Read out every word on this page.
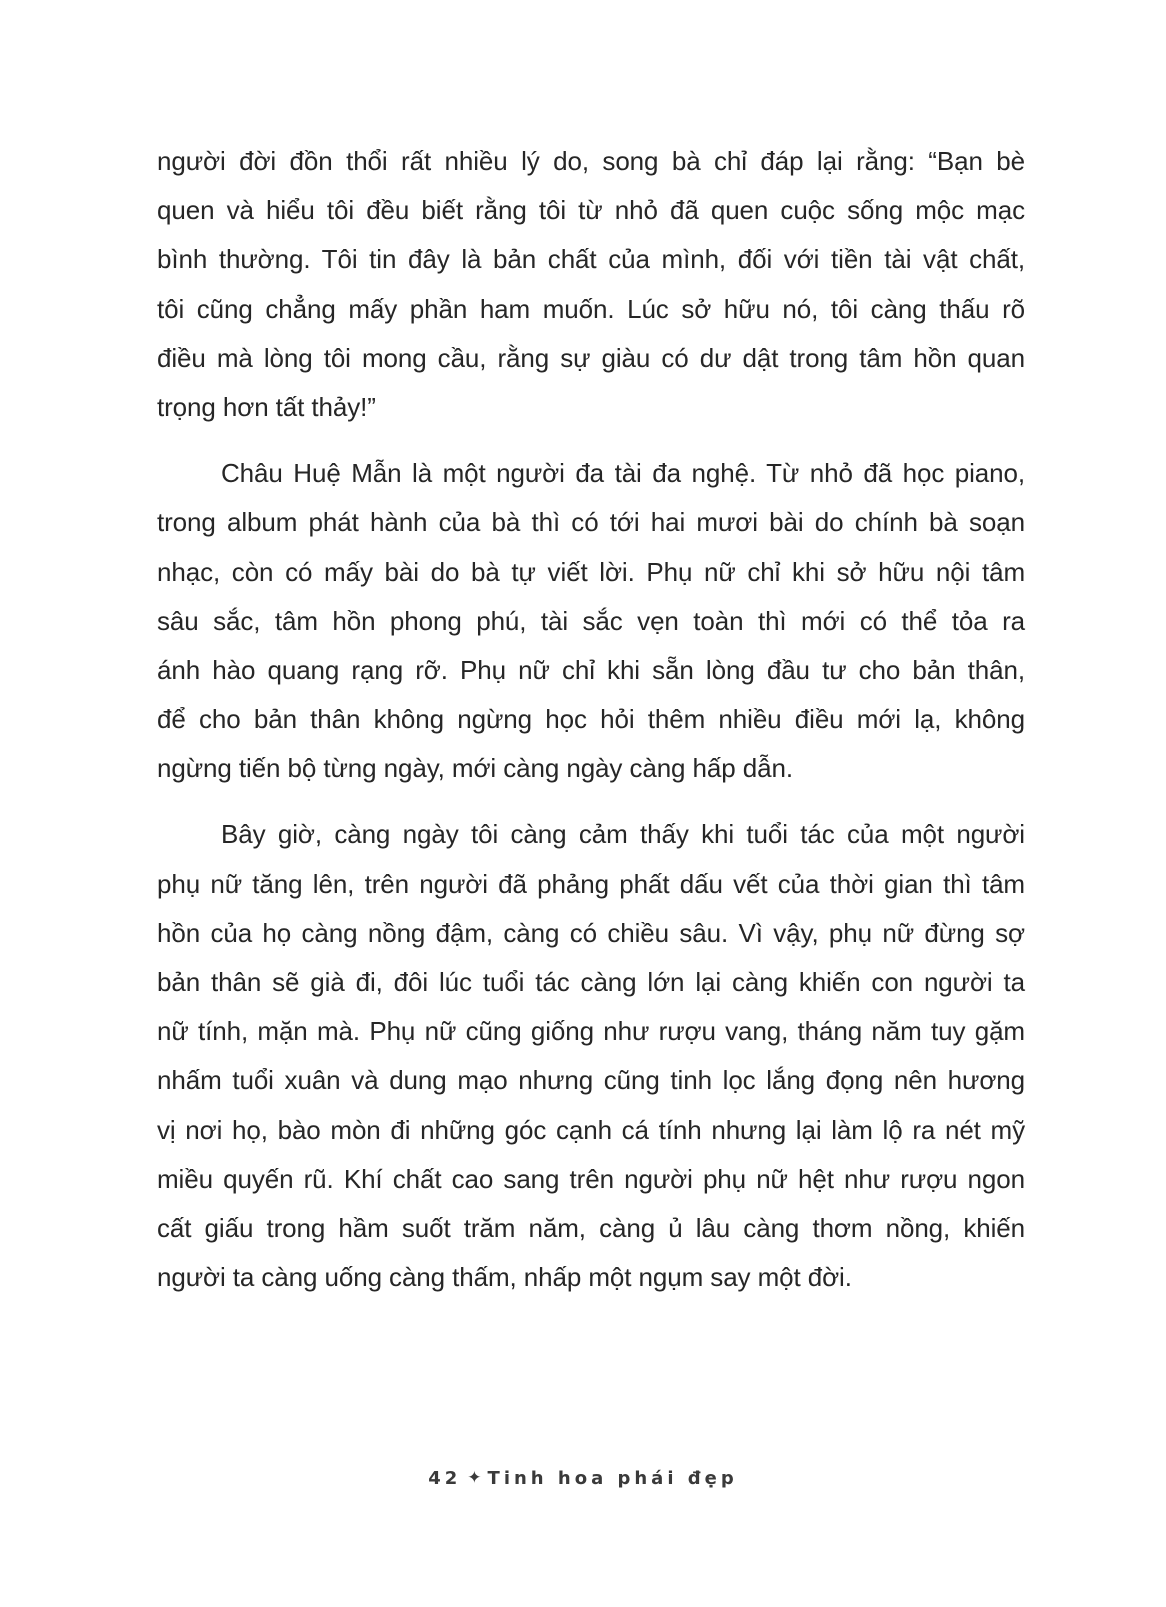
người đời đồn thổi rất nhiều lý do, song bà chỉ đáp lại rằng: “Bạn bè
quen và hiểu tôi đều biết rằng tôi từ nhỏ đã quen cuộc sống mộc mạc
bình thường. Tôi tin đây là bản chất của mình, đối với tiền tài vật chất,
tôi cũng chẳng mấy phần ham muốn. Lúc sở hữu nó, tôi càng thấu rõ
điều mà lòng tôi mong cầu, rằng sự giàu có dư dật trong tâm hồn quan
trọng hơn tất thảy!”
Châu Huệ Mẫn là một người đa tài đa nghệ. Từ nhỏ đã học piano,
trong album phát hành của bà thì có tới hai mươi bài do chính bà soạn
nhạc, còn có mấy bài do bà tự viết lời. Phụ nữ chỉ khi sở hữu nội tâm
sâu sắc, tâm hồn phong phú, tài sắc vẹn toàn thì mới có thể tỏa ra
ánh hào quang rạng rỡ. Phụ nữ chỉ khi sẵn lòng đầu tư cho bản thân,
để cho bản thân không ngừng học hỏi thêm nhiều điều mới lạ, không
ngừng tiến bộ từng ngày, mới càng ngày càng hấp dẫn.
Bây giờ, càng ngày tôi càng cảm thấy khi tuổi tác của một người
phụ nữ tăng lên, trên người đã phảng phất dấu vết của thời gian thì tâm
hồn của họ càng nồng đậm, càng có chiều sâu. Vì vậy, phụ nữ đừng sợ
bản thân sẽ già đi, đôi lúc tuổi tác càng lớn lại càng khiến con người ta
nữ tính, mặn mà. Phụ nữ cũng giống như rượu vang, tháng năm tuy gặm
nhấm tuổi xuân và dung mạo nhưng cũng tinh lọc lắng đọng nên hương
vị nơi họ, bào mòn đi những góc cạnh cá tính nhưng lại làm lộ ra nét mỹ
miều quyến rũ. Khí chất cao sang trên người phụ nữ hệt như rượu ngon
cất giấu trong hầm suốt trăm năm, càng ủ lâu càng thơm nồng, khiến
người ta càng uống càng thấm, nhấp một ngụm say một đời.
42 ✦ Tinh hoa phái đẹp
